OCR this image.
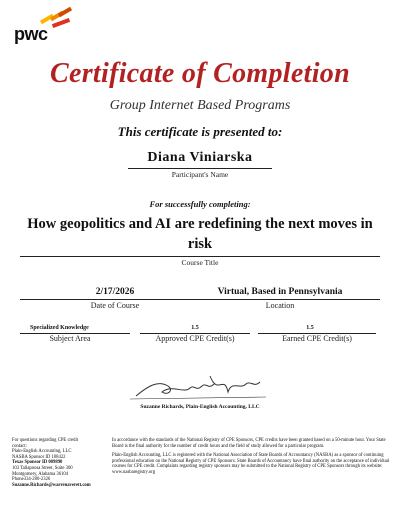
pwc
Certificate of Completion
Group Internet Based Programs
This certificate is presented to:
Diana Viniarska
Participant's Name
For successfully completing:
How geopolitics and AI are redefining the next moves in risk
Course Title
2/17/2026
Date of Course
Virtual, Based in Pennsylvania
Location
Specialized Knowledge
Subject Area
1.5
Approved CPE Credit(s)
1.5
Earned CPE Credit(s)
Suzanne Richards, Plain-English Accounting, LLC
For questions regarding CPE credit
contact:
Plain-English Accounting, LLC
NASBA Sponsor ID 108422
Texas Sponsor ID 009890
103 Tallapoosa Street, Suite 300
Montgomery, Alabama 36104
Phone334-280-2326
Suzanne.Richards@warrenaverett.com

In accordance with the standards of the National Registry of CPE Sponsors, CPE credits have been granted based on a 50-minute hour. Your State Board is the final authority for the number of credit hours and the field of study allowed for a particular program.

Plain-English Accounting, LLC is registered with the National Association of State Boards of Accountancy (NASBA) as a sponsor of continuing professional education on the National Registry of CPE Sponsors. State Boards of Accountancy have final authority on the acceptance of individual courses for CPE credit. Complaints regarding registry sponsors may be submitted to the National Registry of CPE Sponsors through its website: www.nasbaregistry.org
